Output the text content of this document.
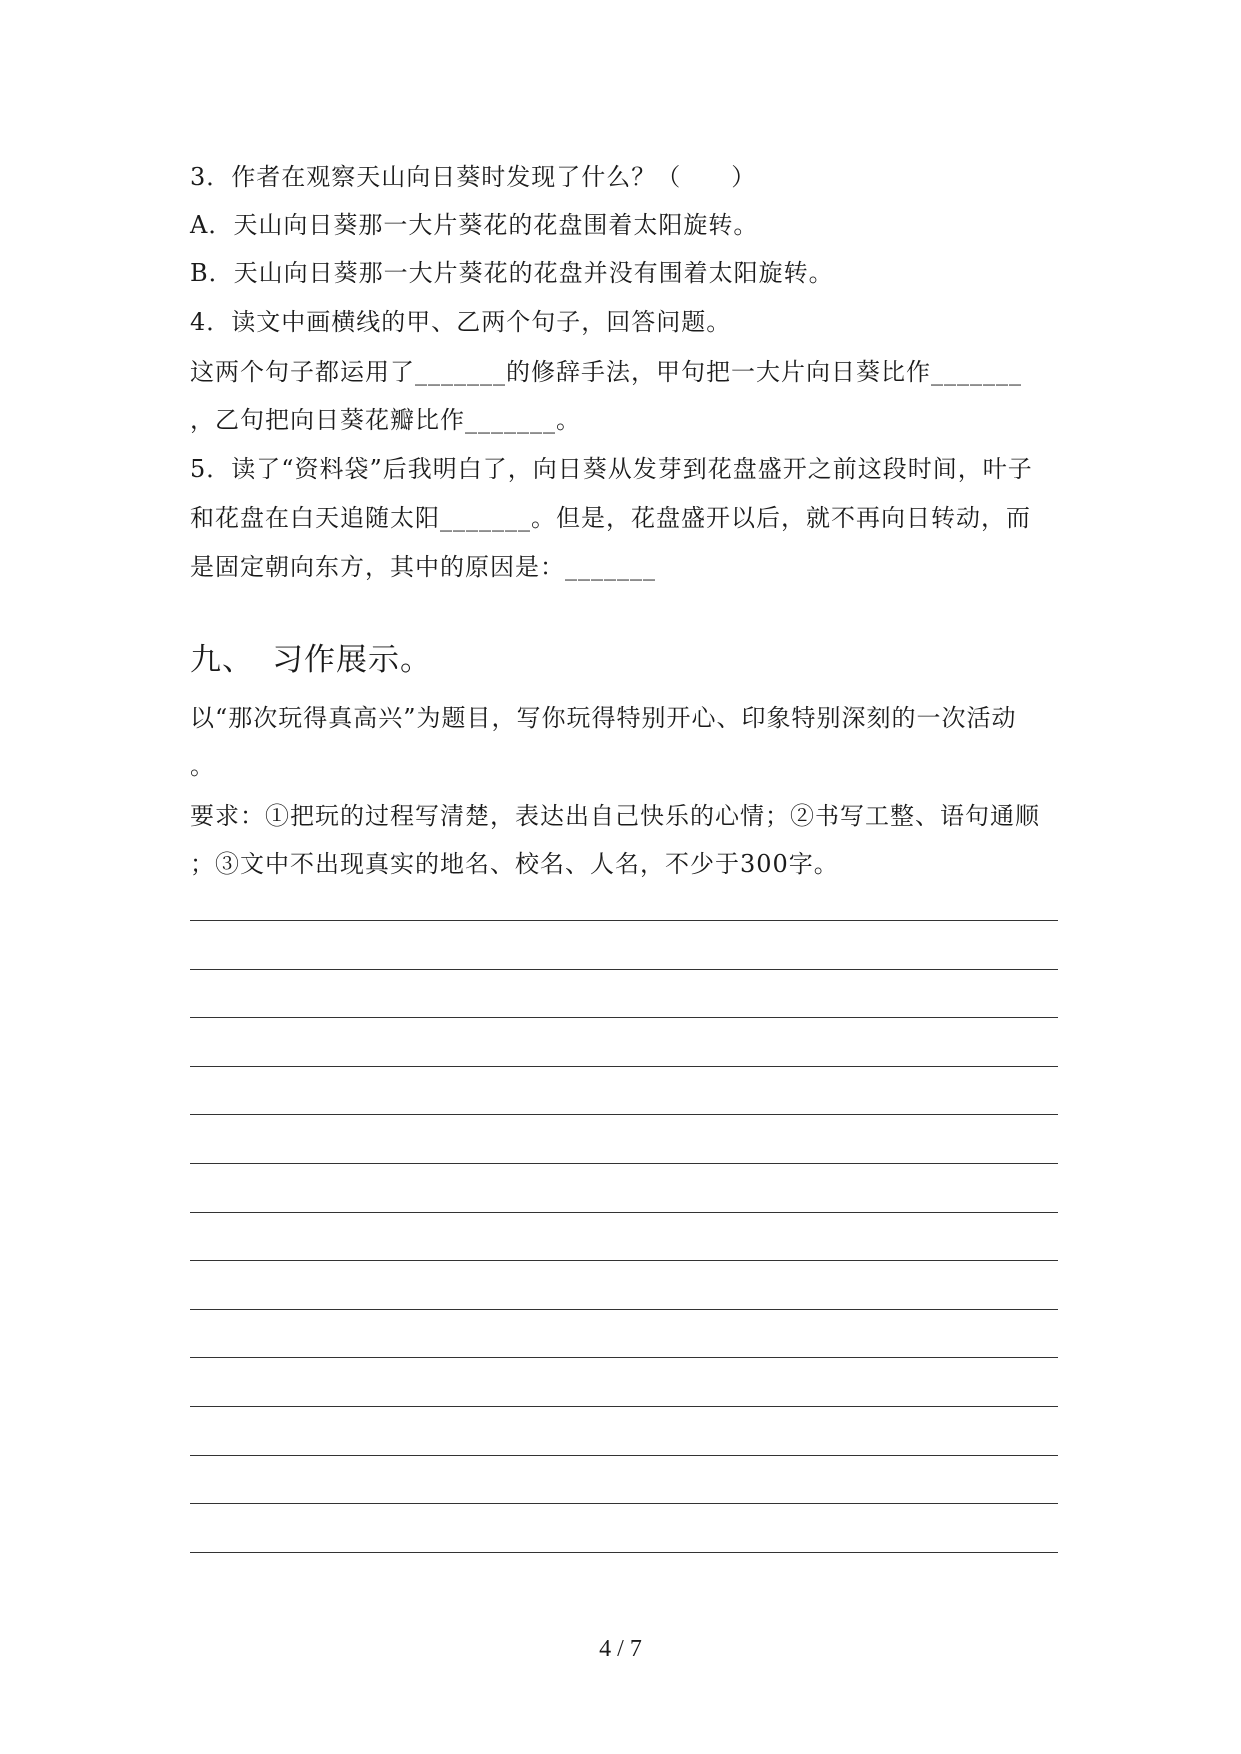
3．作者在观察天山向日葵时发现了什么？（　　）
A．天山向日葵那一大片葵花的花盘围着太阳旋转。
B．天山向日葵那一大片葵花的花盘并没有围着太阳旋转。
4．读文中画横线的甲、乙两个句子，回答问题。
这两个句子都运用了_______的修辞手法，甲句把一大片向日葵比作_______
，乙句把向日葵花瓣比作_______。
5．读了“资料袋”后我明白了，向日葵从发芽到花盘盛开之前这段时间，叶子
和花盘在白天追随太阳_______。但是，花盘盛开以后，就不再向日转动，而
是固定朝向东方，其中的原因是：_______
九、 习作展示。
以“那次玩得真高兴”为题目，写你玩得特别开心、印象特别深刻的一次活动
。
要求：①把玩的过程写清楚，表达出自己快乐的心情；②书写工整、语句通顺
；③文中不出现真实的地名、校名、人名，不少于300字。
4 / 7
